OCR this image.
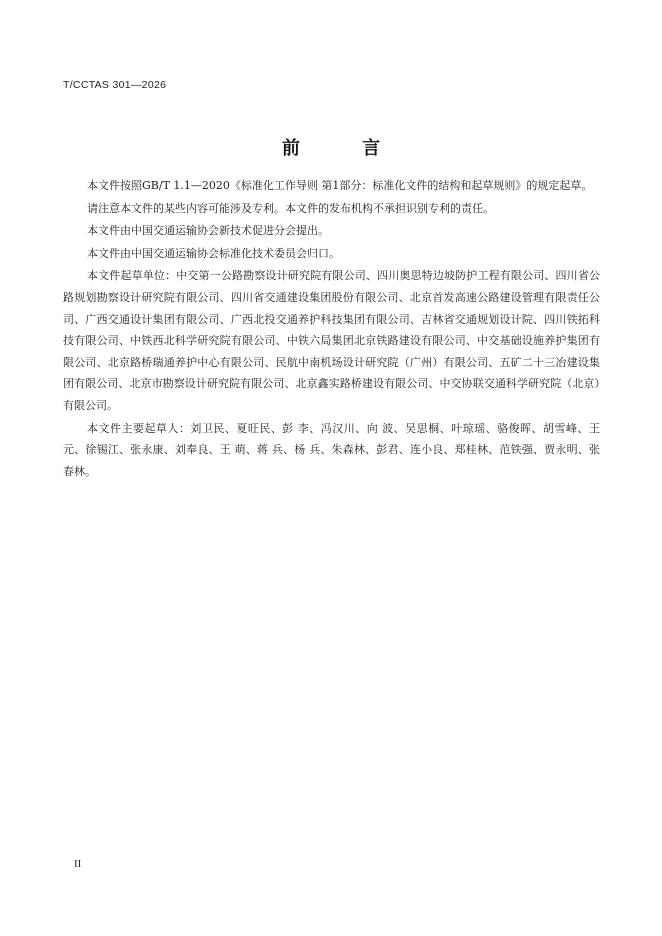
T/CCTAS 301—2026
前 言

本文件按照GB/T 1.1—2020《标准化工作导则 第1部分：标准化文件的结构和起草规则》的规定起草。

请注意本文件的某些内容可能涉及专利。本文件的发布机构不承担识别专利的责任。

本文件由中国交通运输协会新技术促进分会提出。

本文件由中国交通运输协会标准化技术委员会归口。

本文件起草单位：中交第一公路勘察设计研究院有限公司、四川奥思特边坡防护工程有限公司、四川省公路规划勘察设计研究院有限公司、四川省交通建设集团股份有限公司、北京首发高速公路建设管理有限责任公司、广西交通设计集团有限公司、广西北投交通养护科技集团有限公司、吉林省交通规划设计院、四川铁拓科技有限公司、中铁西北科学研究院有限公司、中铁六局集团北京铁路建设有限公司、中交基础设施养护集团有限公司、北京路桥瑞通养护中心有限公司、民航中南机场设计研究院（广州）有限公司、五矿二十三冶建设集团有限公司、北京市勘察设计研究院有限公司、北京鑫实路桥建设有限公司、中交协联交通科学研究院（北京）有限公司。

本文件主要起草人：刘卫民、夏旺民、彭 李、冯汉川、向 波、吴思桐、叶琼瑶、骆俊晖、胡雪峰、王 元、徐锡江、张永康、刘奉良、王 萌、蒋 兵、杨 兵、朱森林、彭君、连小良、郑桂林、范铁强、贾永明、张春林。

II
